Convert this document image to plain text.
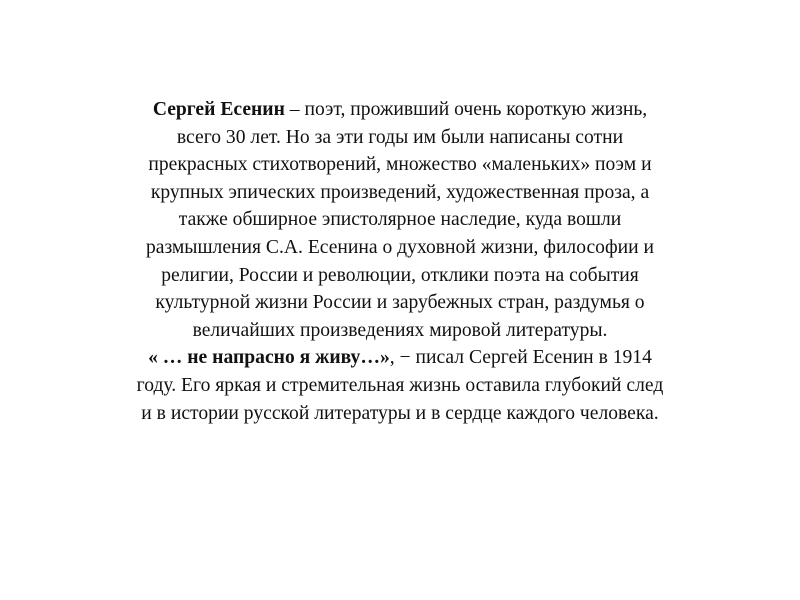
Сергей Есенин – поэт, проживший очень короткую жизнь,
всего 30 лет. Но за эти годы им были написаны сотни
прекрасных стихотворений, множество «маленьких» поэм и
крупных эпических произведений, художественная проза, а
также обширное эпистолярное наследие, куда вошли
размышления С.А. Есенина о духовной жизни, философии и
религии, России и революции, отклики поэта на события
культурной жизни России и зарубежных стран, раздумья о
величайших произведениях мировой литературы.
« … не напрасно я живу…», − писал Сергей Есенин в 1914
году. Его яркая и стремительная жизнь оставила глубокий след
и в истории русской литературы и в сердце каждого человека.
